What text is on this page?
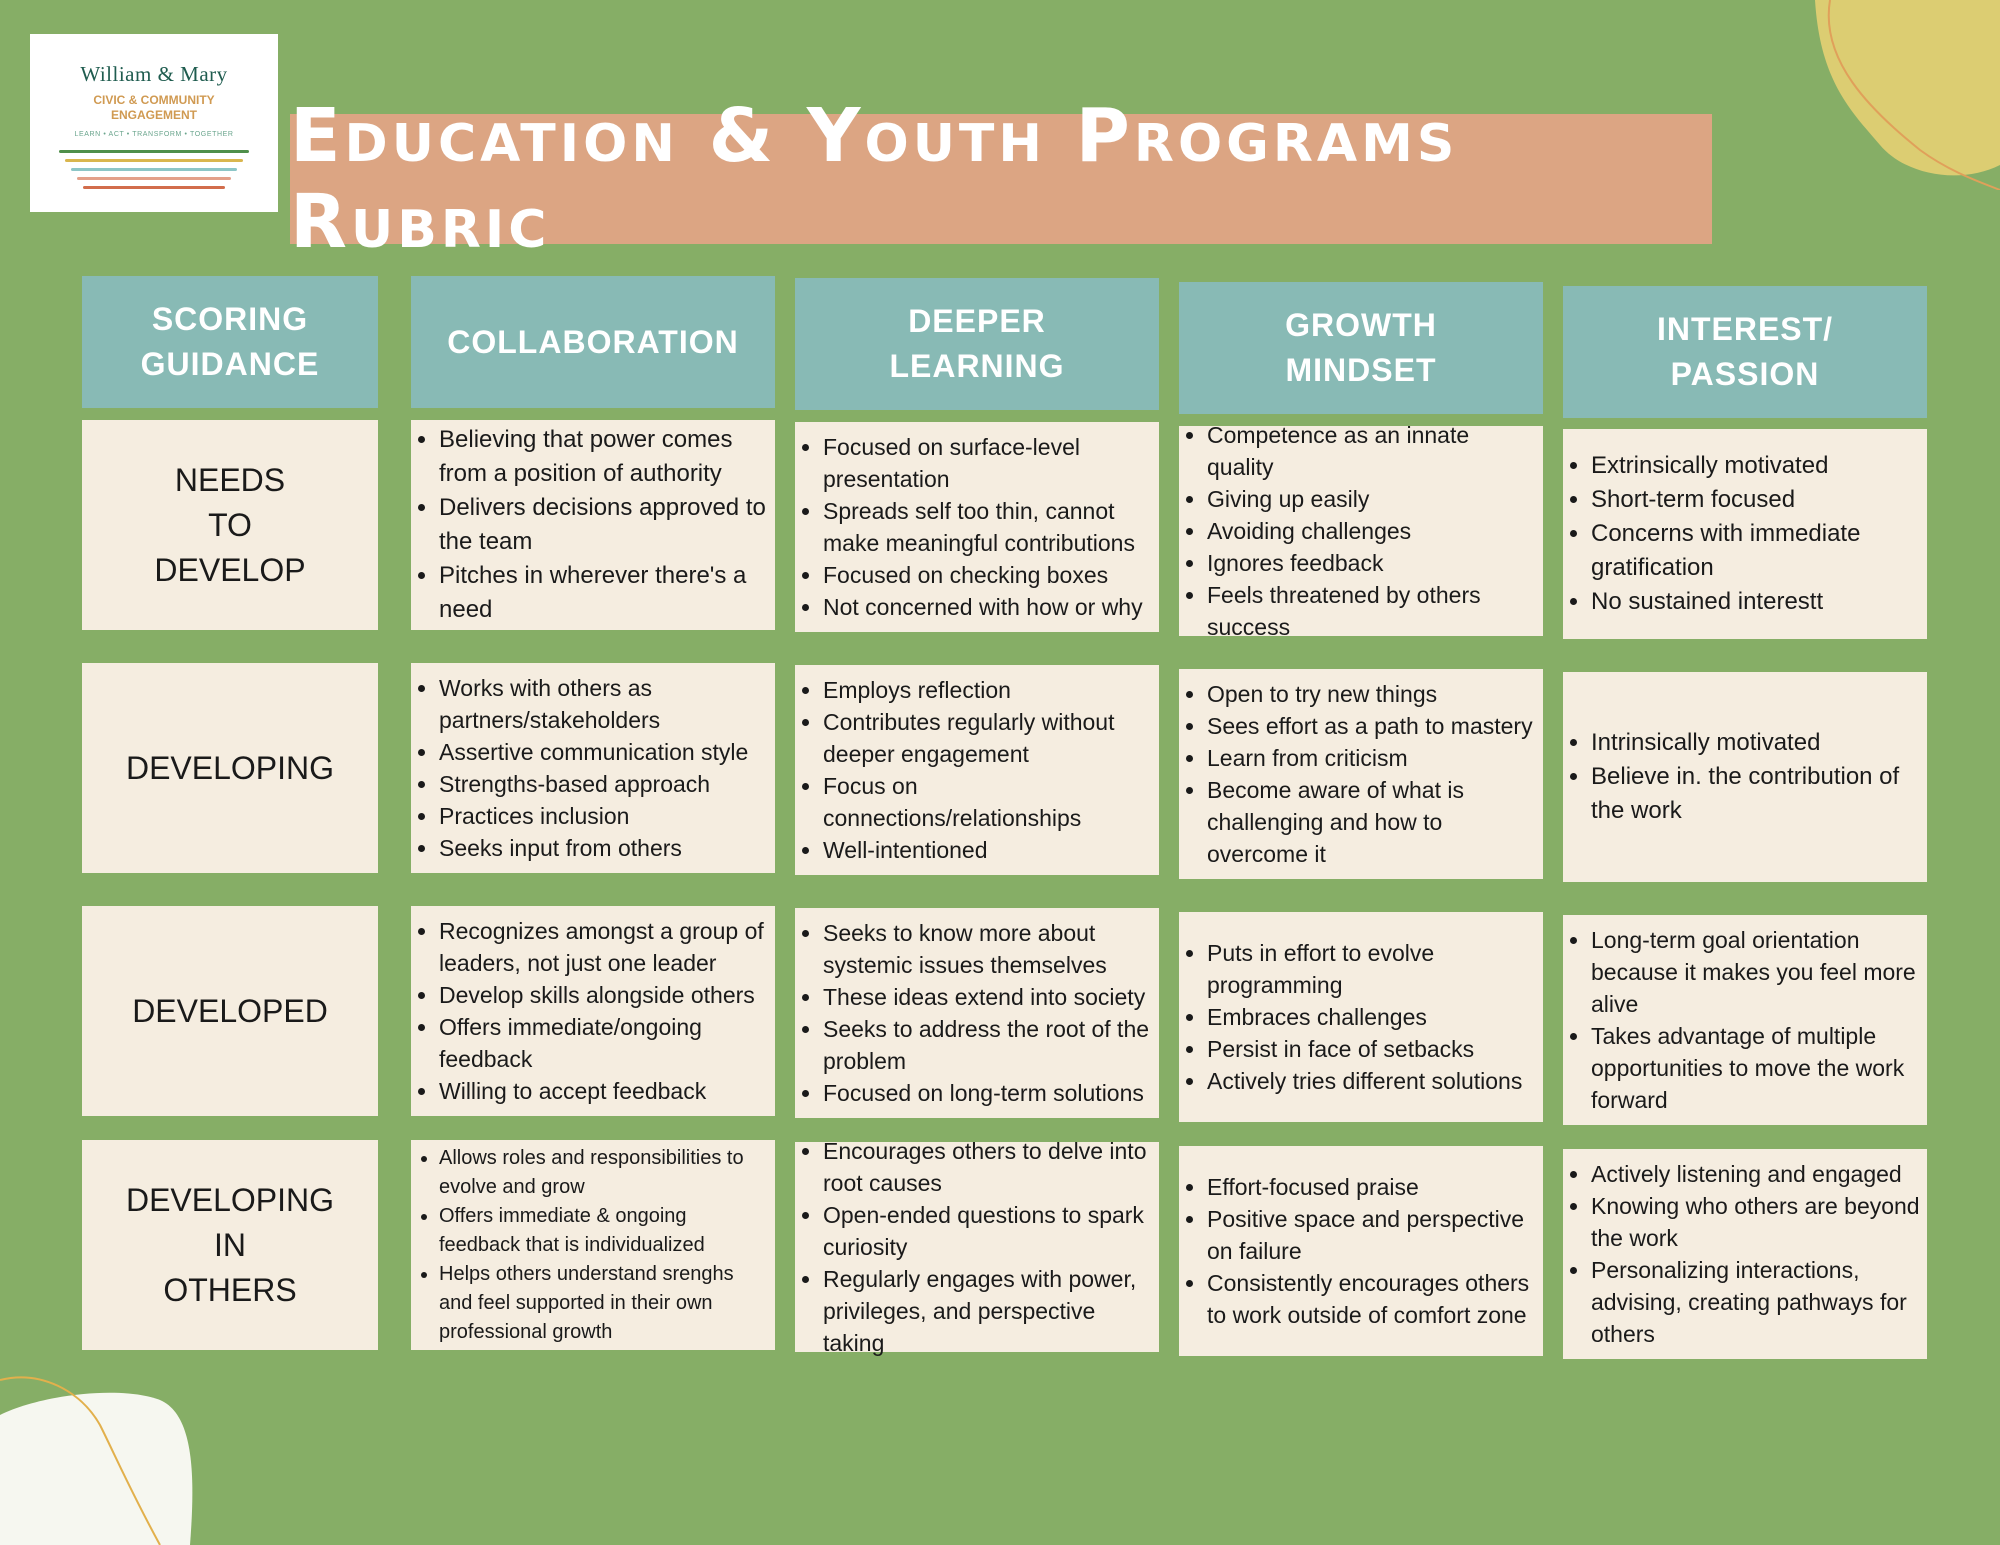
William & Mary
CIVIC & COMMUNITY
ENGAGEMENT
LEARN • ACT • TRANSFORM • TOGETHER Education & Youth Programs Rubric
SCORING
GUIDANCE
COLLABORATION
DEEPER
LEARNING
GROWTH
MINDSET
INTEREST/
PASSION
NEEDS
TO
DEVELOP
DEVELOPING
DEVELOPED
DEVELOPING
IN
OTHERS
• Believing that power comes from a position of authority
• Delivers decisions approved to the team
• Pitches in wherever there's a need
• Focused on surface-level presentation
• Spreads self too thin, cannot make meaningful contributions
• Focused on checking boxes
• Not concerned with how or why
• Competence as an innate quality
• Giving up easily
• Avoiding challenges
• Ignores feedback
• Feels threatened by others success
• Extrinsically motivated
• Short-term focused
• Concerns with immediate gratification
• No sustained interestt
• Works with others as partners/stakeholders
• Assertive communication style
• Strengths-based approach
• Practices inclusion
• Seeks input from others
• Employs reflection
• Contributes regularly without deeper engagement
• Focus on connections/relationships
• Well-intentioned
• Open to try new things
• Sees effort as a path to mastery
• Learn from criticism
• Become aware of what is challenging and how to overcome it
• Intrinsically motivated
• Believe in. the contribution of the work
• Recognizes amongst a group of leaders, not just one leader
• Develop skills alongside others
• Offers immediate/ongoing feedback
• Willing to accept feedback
• Seeks to know more about systemic issues themselves
• These ideas extend into society
• Seeks to address the root of the problem
• Focused on long-term solutions
• Puts in effort to evolve programming
• Embraces challenges
• Persist in face of setbacks
• Actively tries different solutions
• Long-term goal orientation because it makes you feel more alive
• Takes advantage of multiple opportunities to move the work forward
• Allows roles and responsibilities to evolve and grow
• Offers immediate & ongoing feedback that is individualized
• Helps others understand srenghs and feel supported in their own professional growth
• Encourages others to delve into root causes
• Open-ended questions to spark curiosity
• Regularly engages with power, privileges, and perspective taking
• Effort-focused praise
• Positive space and perspective on failure
• Consistently encourages others to work outside of comfort zone
• Actively listening and engaged
• Knowing who others are beyond the work
• Personalizing interactions, advising, creating pathways for others
